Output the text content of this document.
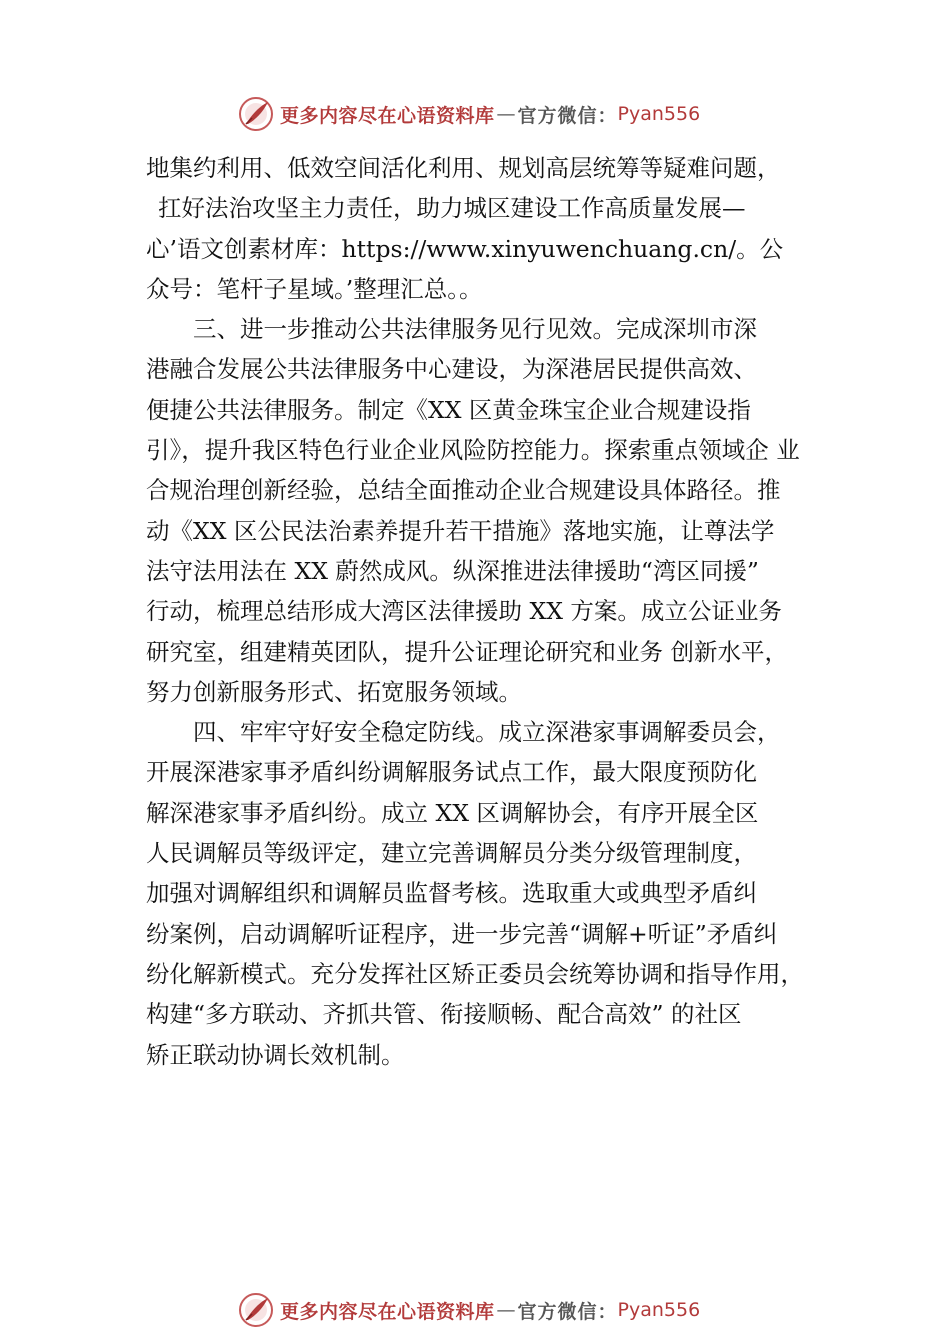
更多内容尽在心语资料库 — 官方微信： Pyan556
地集约利用、低效空间活化利用、规划高层统筹等疑难问题，
扛好法治攻坚主力责任，助力城区建设工作高质量发展—
心’语文创素材库：https://www.xinyuwenchuang.cn/。公
众号：笔杆子星域。’整理汇总。。
三、进一步推动公共法律服务见行见效。完成深圳市深
港融合发展公共法律服务中心建设，为深港居民提供高效、
便捷公共法律服务。制定《XX 区黄金珠宝企业合规建设指
引》，提升我区特色行业企业风险防控能力。探索重点领域企 业
合规治理创新经验，总结全面推动企业合规建设具体路径。推
动《XX 区公民法治素养提升若干措施》落地实施，让尊法学
法守法用法在 XX 蔚然成风。纵深推进法律援助“湾区同援”
行动，梳理总结形成大湾区法律援助 XX 方案。成立公证业务
研究室，组建精英团队，提升公证理论研究和业务 创新水平，
努力创新服务形式、拓宽服务领域。
四、牢牢守好安全稳定防线。成立深港家事调解委员会，
开展深港家事矛盾纠纷调解服务试点工作，最大限度预防化
解深港家事矛盾纠纷。成立 XX 区调解协会，有序开展全区
人民调解员等级评定，建立完善调解员分类分级管理制度，
加强对调解组织和调解员监督考核。选取重大或典型矛盾纠
纷案例，启动调解听证程序，进一步完善“调解+听证”矛盾纠
纷化解新模式。充分发挥社区矫正委员会统筹协调和指导作用，
构建“多方联动、齐抓共管、衔接顺畅、配合高效” 的社区
矫正联动协调长效机制。
更多内容尽在心语资料库 — 官方微信： Pyan556
